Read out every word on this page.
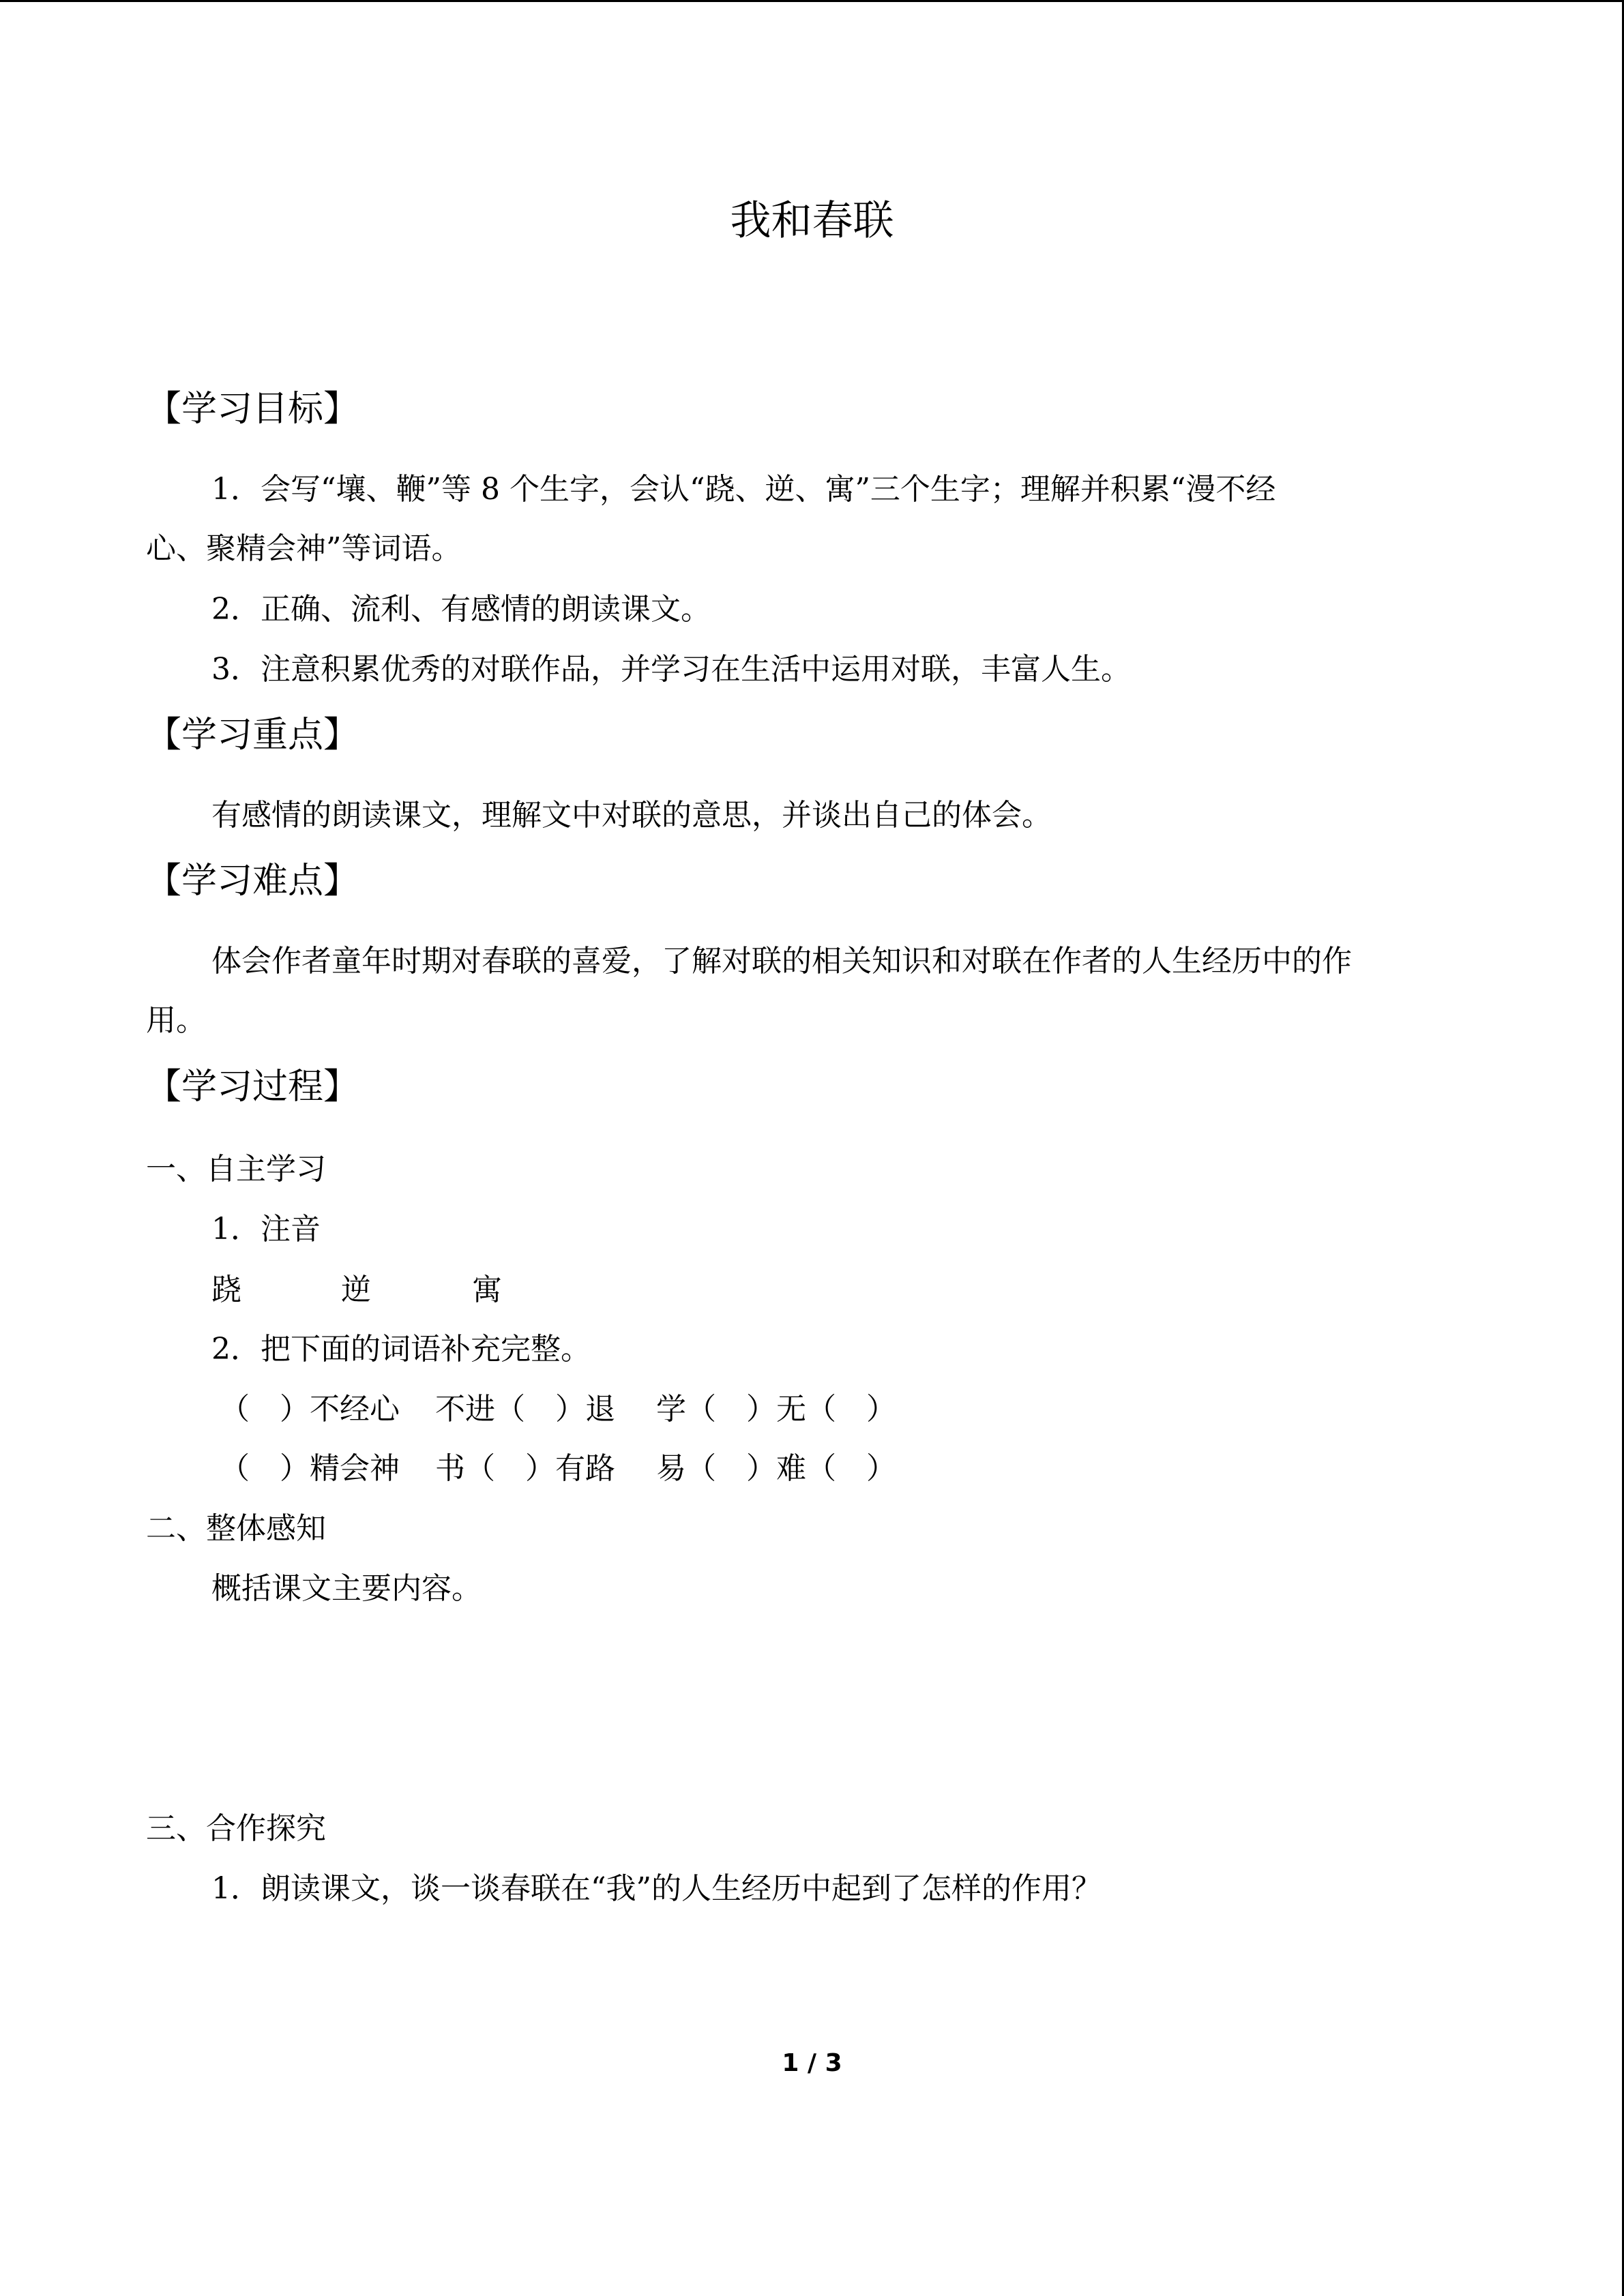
我和春联
【学习目标】
1．会写“壤、鞭”等 8 个生字，会认“跷、逆、寓”三个生字；理解并积累“漫不经
心、聚精会神”等词语。
2．正确、流利、有感情的朗读课文。
3．注意积累优秀的对联作品，并学习在生活中运用对联，丰富人生。
【学习重点】
有感情的朗读课文，理解文中对联的意思，并谈出自己的体会。
【学习难点】
体会作者童年时期对春联的喜爱，了解对联的相关知识和对联在作者的人生经历中的作
用。
【学习过程】
一、自主学习
1．注音
跷	逆	寓
2．把下面的词语补充完整。
（　）不经心 不进（　）退 学（　）无（　）
（　）精会神 书（　）有路 易（　）难（　）
二、整体感知
概括课文主要内容。
三、合作探究
1．朗读课文，谈一谈春联在“我”的人生经历中起到了怎样的作用？
1 / 3
